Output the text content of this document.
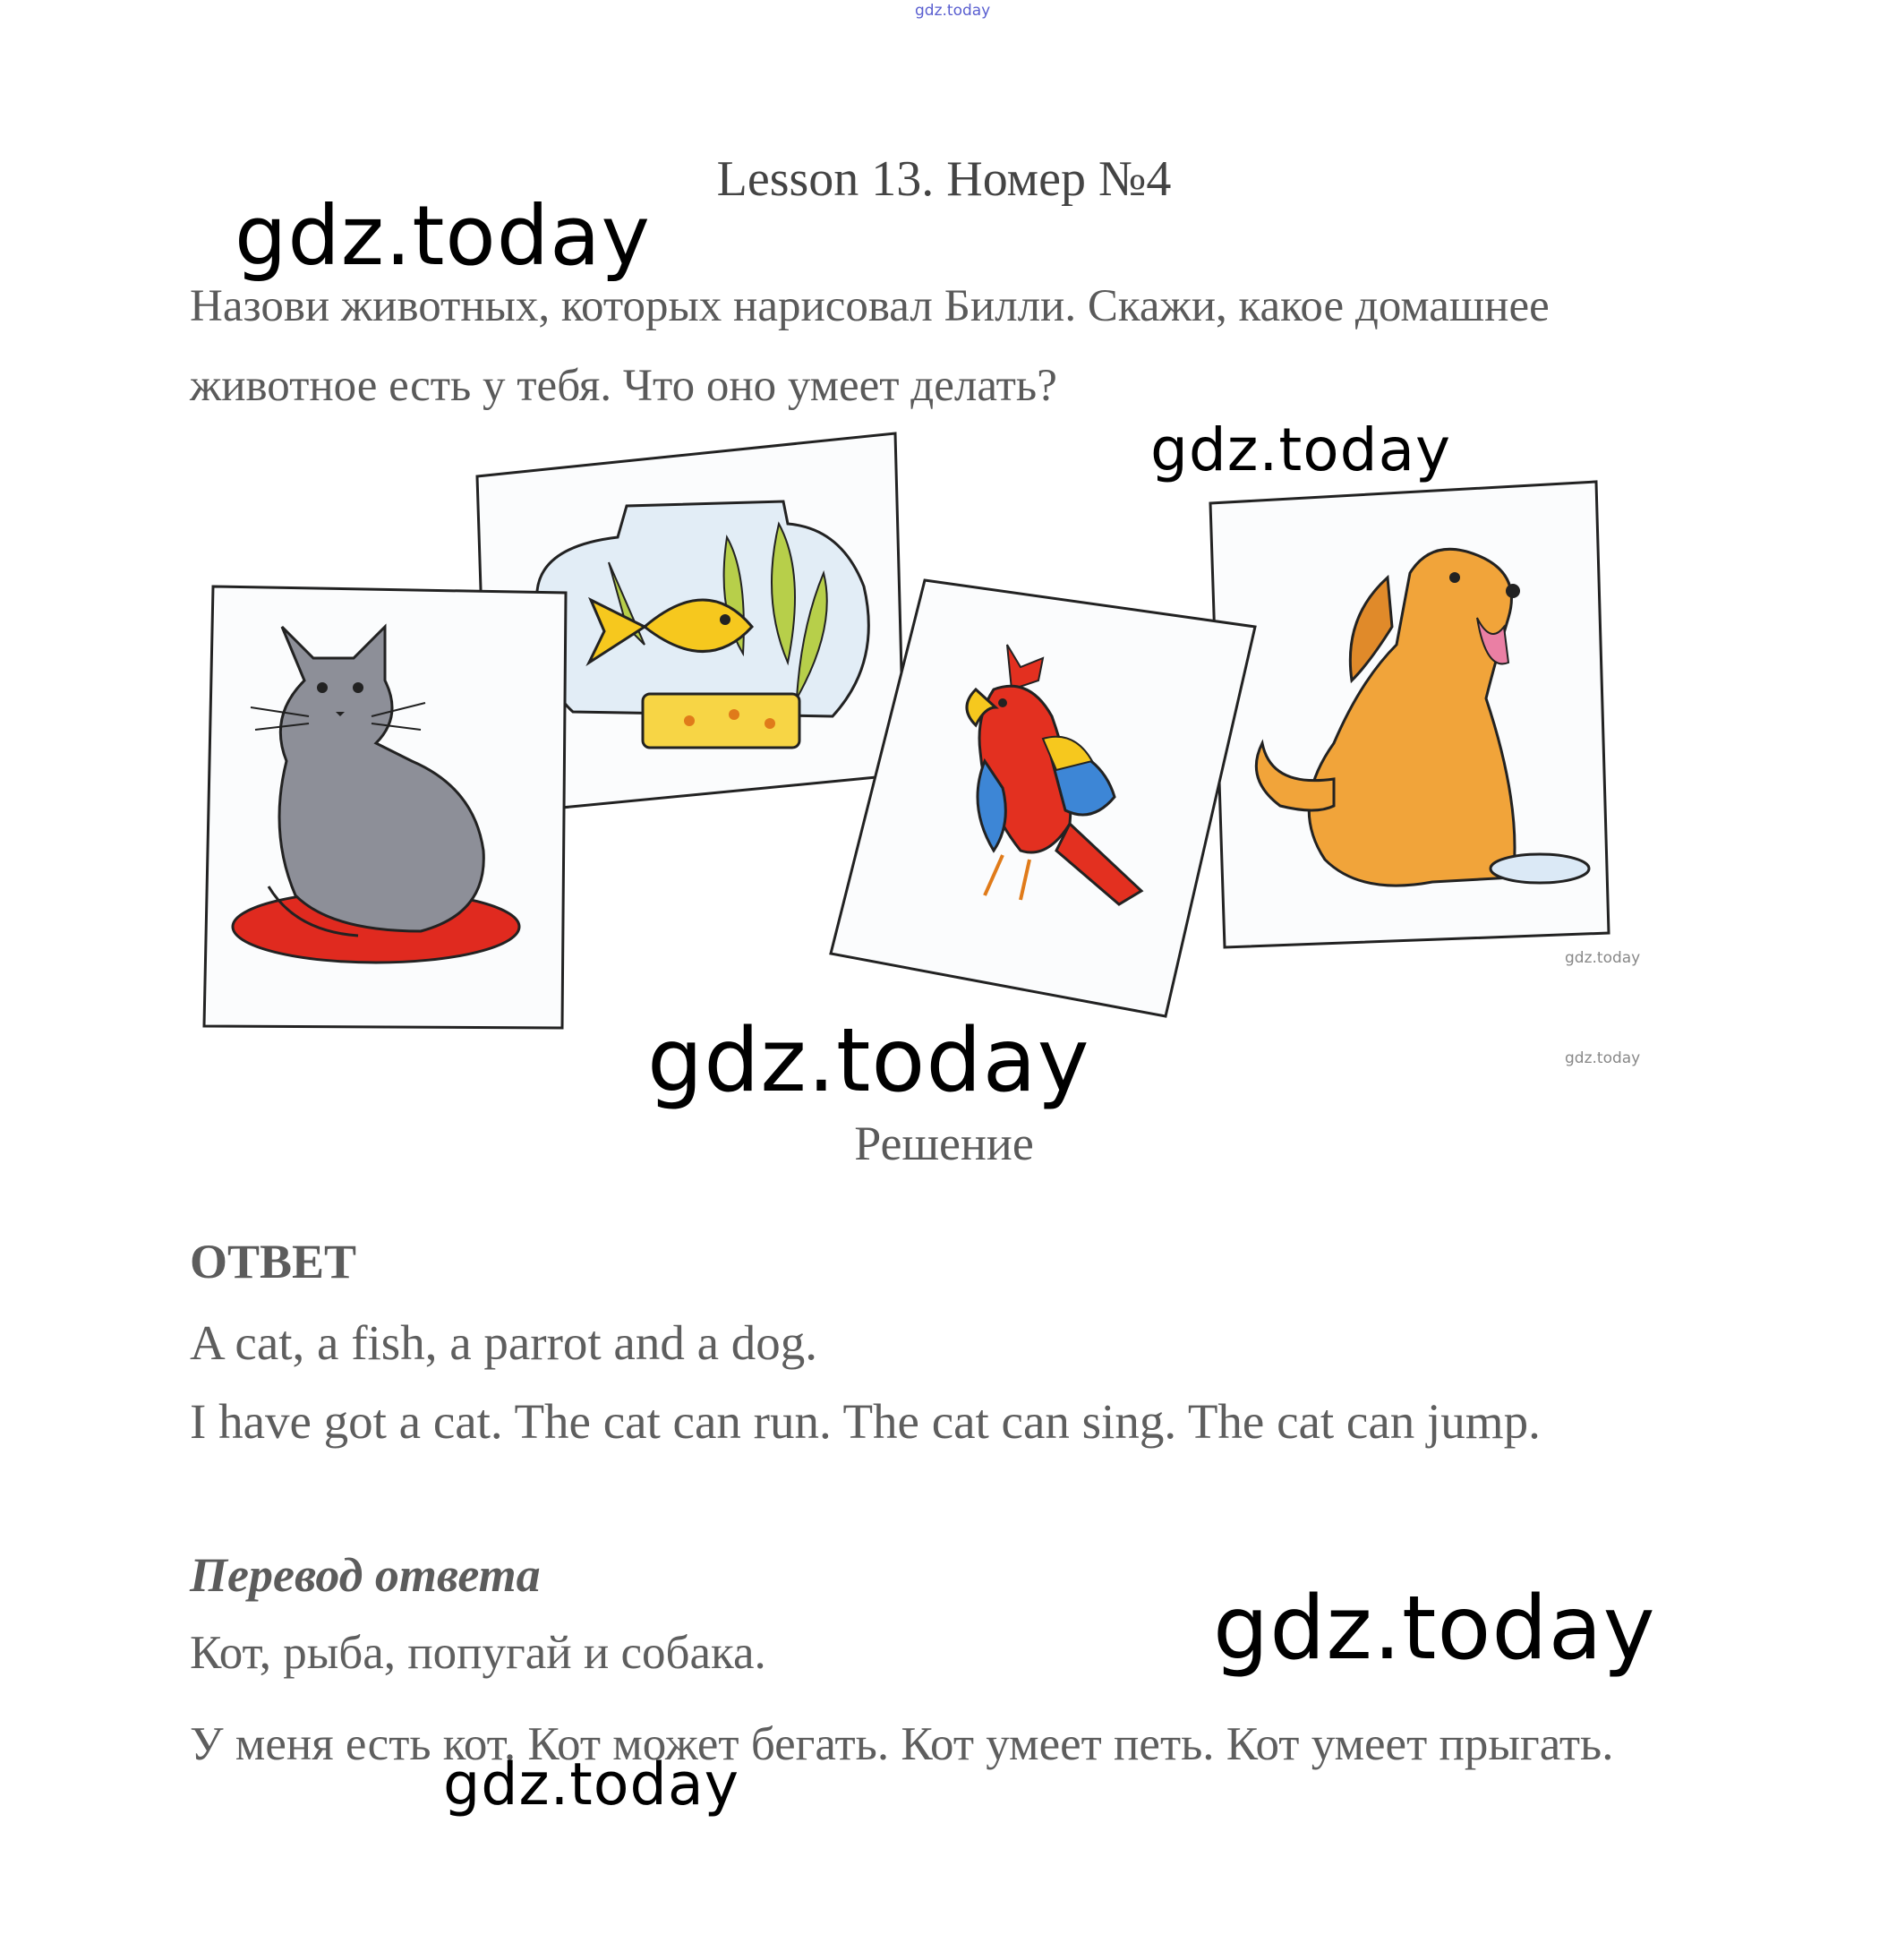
gdz.today
Lesson 13. Номер №4
Назови животных, которых нарисовал Билли. Скажи, какое домашнее животное есть у тебя. Что оно умеет делать?
gdz.today
gdz.today
gdz.today
gdz.today
gdz.today
Решение
ОТВЕТ
A cat, a fish, a parrot and a dog.
I have got a cat. The cat can run. The cat can sing. The cat can jump.
Перевод ответа
Кот, рыба, попугай и собака.
У меня есть кот. Кот может бегать. Кот умеет петь. Кот умеет прыгать.
gdz.today
gdz.today
